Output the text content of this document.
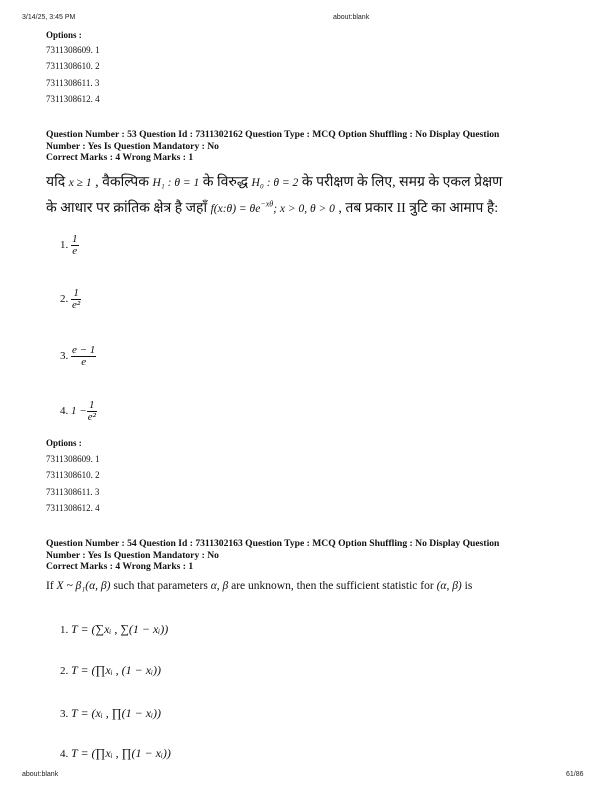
3/14/25, 3:45 PM	about:blank
Options :
7311308609. 1
7311308610. 2
7311308611. 3
7311308612. 4
Question Number : 53 Question Id : 7311302162 Question Type : MCQ Option Shuffling : No Display Question
Number : Yes Is Question Mandatory : No
Correct Marks : 4 Wrong Marks : 1
यदि x ≥ 1 , वैकल्पिक H₁ : θ = 1 के विरुद्ध H₀ : θ = 2 के परीक्षण के लिए, समग्र के एकल प्रेक्षण
के आधार पर क्रांतिक क्षेत्र है जहाँ f(x:θ) = $\theta e^{-x\theta}$; x > 0, θ > 0 , तब प्रकार II त्रुटि का आमाप है:
1. $\frac{1}{e}$
2. $\frac{1}{\text{e²}}$
3. $\frac{e - 1}{e}$
4. $1 - \frac{1}{\text{e²}}$
Options :
7311308609. 1
7311308610. 2
7311308611. 3
7311308612. 4
Question Number : 54 Question Id : 7311302163 Question Type : MCQ Option Shuffling : No Display Question
Number : Yes Is Question Mandatory : No
Correct Marks : 4 Wrong Marks : 1
If X ~ β₁(α, β) such that parameters α, β are unknown, then the sufficient statistic for (α, β) is
1. T = (∑xᵢ , ∑(1 − xᵢ))
2. T = (∏xᵢ , (1 − xᵢ))
3. T = (xᵢ , ∏(1 − xᵢ))
4. T = (∏xᵢ , ∏(1 − xᵢ))
about:blank	61/86
